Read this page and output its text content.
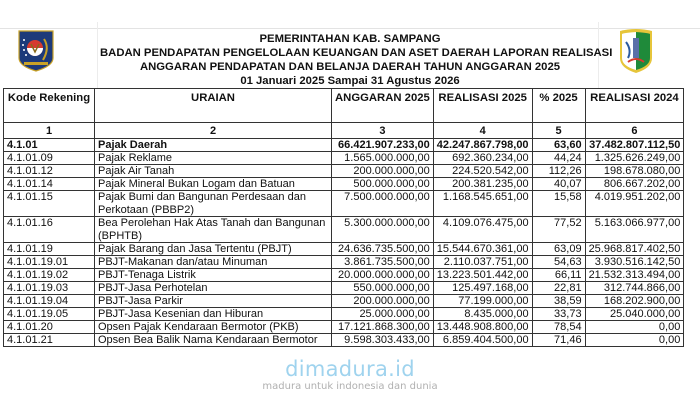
PEMERINTAHAN KAB. SAMPANG
BADAN PENDAPATAN PENGELOLAAN KEUANGAN DAN ASET DAERAH LAPORAN REALISASI
ANGGARAN PENDAPATAN DAN BELANJA DAERAH TAHUN ANGGARAN 2025
01 Januari 2025 Sampai 31 Agustus 2026
Kode Rekening	URAIAN	ANGGARAN 2025	REALISASI 2025	% 2025	REALISASI 2024
1	2	3	4	5	6
4.1.01	Pajak Daerah	66.421.907.233,00	42.247.867.798,00	63,60	37.482.807.112,50
4.1.01.09	Pajak Reklame	1.565.000.000,00	692.360.234,00	44,24	1.325.626.249,00
4.1.01.12	Pajak Air Tanah	200.000.000,00	224.520.542,00	112,26	198.678.080,00
4.1.01.14	Pajak Mineral Bukan Logam dan Batuan	500.000.000,00	200.381.235,00	40,07	806.667.202,00
4.1.01.15	Pajak Bumi dan Bangunan Perdesaan dan Perkotaan (PBBP2)	7.500.000.000,00	1.168.545.651,00	15,58	4.019.951.202,00
4.1.01.16	Bea Perolehan Hak Atas Tanah dan Bangunan (BPHTB)	5.300.000.000,00	4.109.076.475,00	77,52	5.163.066.977,00
4.1.01.19	Pajak Barang dan Jasa Tertentu (PBJT)	24.636.735.500,00	15.544.670.361,00	63,09	25.968.817.402,50
4.1.01.19.01	PBJT-Makanan dan/atau Minuman	3.861.735.500,00	2.110.037.751,00	54,63	3.930.516.142,50
4.1.01.19.02	PBJT-Tenaga Listrik	20.000.000.000,00	13.223.501.442,00	66,11	21.532.313.494,00
4.1.01.19.03	PBJT-Jasa Perhotelan	550.000.000,00	125.497.168,00	22,81	312.744.866,00
4.1.01.19.04	PBJT-Jasa Parkir	200.000.000,00	77.199.000,00	38,59	168.202.900,00
4.1.01.19.05	PBJT-Jasa Kesenian dan Hiburan	25.000.000,00	8.435.000,00	33,73	25.040.000,00
4.1.01.20	Opsen Pajak Kendaraan Bermotor (PKB)	17.121.868.300,00	13.448.908.800,00	78,54	0,00
4.1.01.21	Opsen Bea Balik Nama Kendaraan Bermotor	9.598.303.433,00	6.859.404.500,00	71,46	0,00
dimadura.id
madura untuk indonesia dan dunia
